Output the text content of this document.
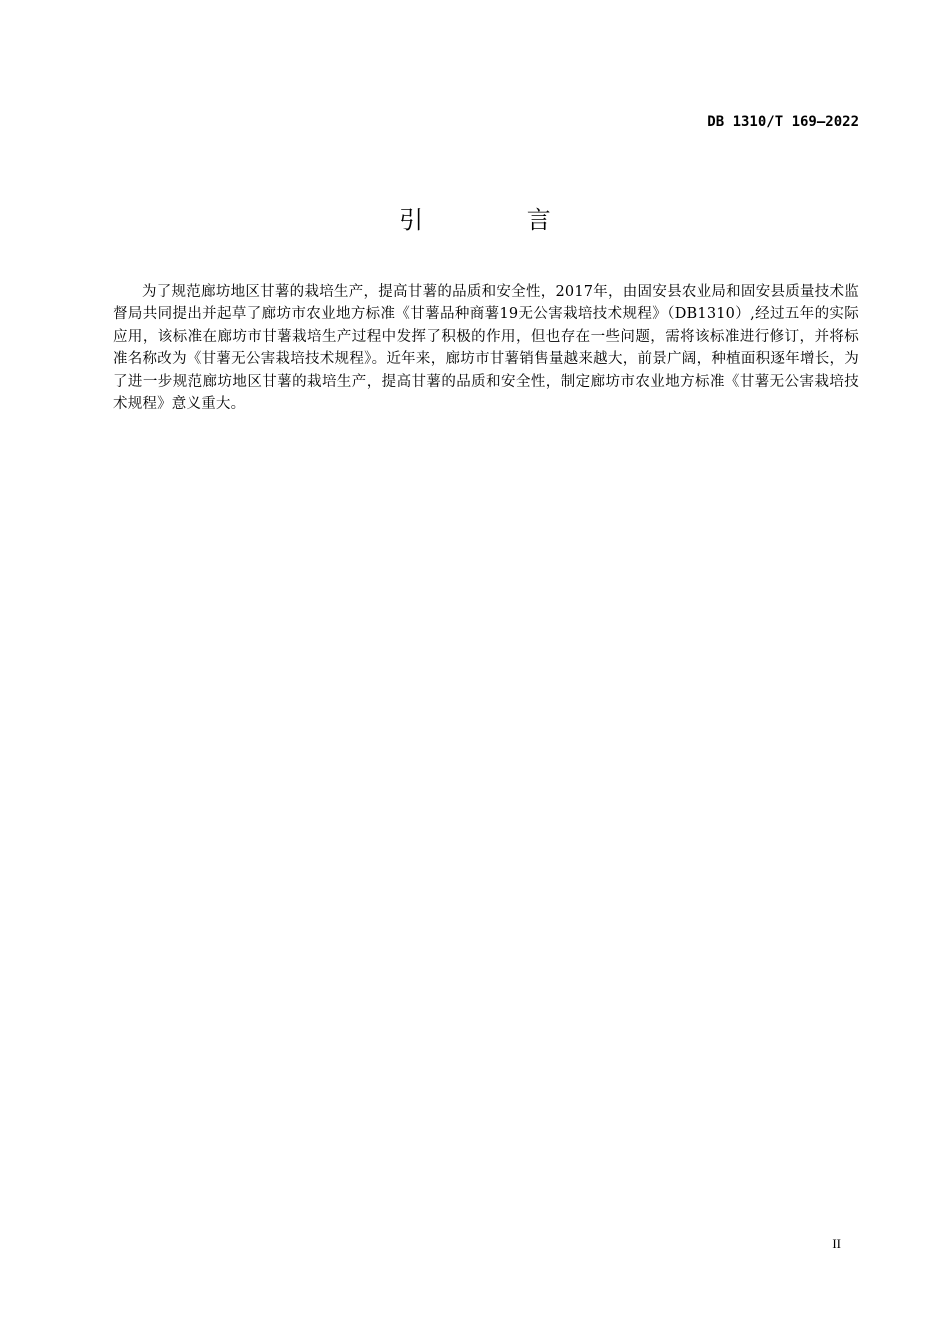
DB 1310/T 169—2022
引 言

为了规范廊坊地区甘薯的栽培生产，提高甘薯的品质和安全性，2017年，由固安县农业局和固安县质量技术监督局共同提出并起草了廊坊市农业地方标准《甘薯品种商薯19无公害栽培技术规程》（DB1310）,经过五年的实际应用，该标准在廊坊市甘薯栽培生产过程中发挥了积极的作用，但也存在一些问题，需将该标准进行修订，并将标准名称改为《甘薯无公害栽培技术规程》。近年来，廊坊市甘薯销售量越来越大，前景广阔，种植面积逐年增长，为了进一步规范廊坊地区甘薯的栽培生产，提高甘薯的品质和安全性，制定廊坊市农业地方标准《甘薯无公害栽培技术规程》意义重大。

II
